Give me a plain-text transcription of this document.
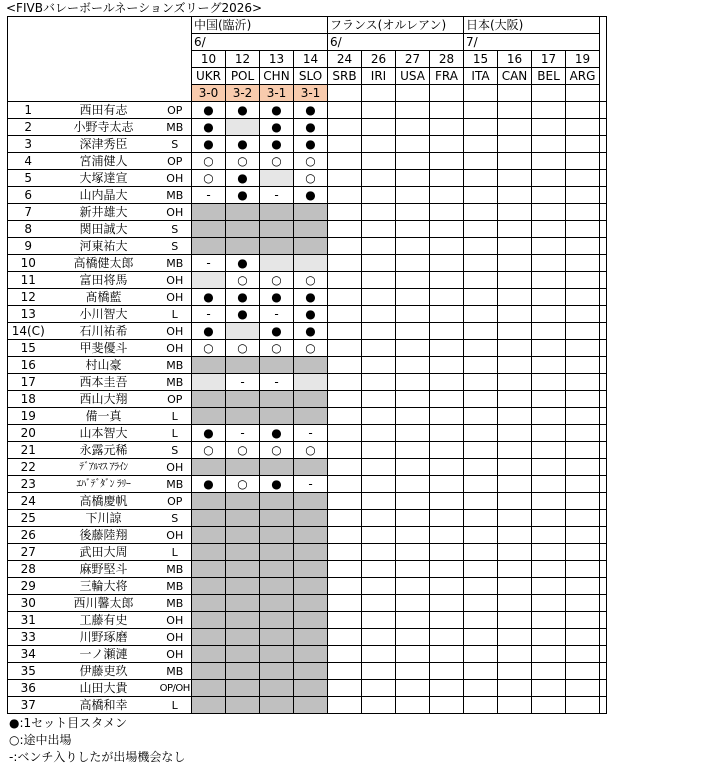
<FIVBバレーボールネーションズリーグ2026>
			中国(臨沂)				フランス(オルレアン)				日本(大阪)				
			6/				6/				7/				
			10	12	13	14	24	26	27	28	15	16	17	19	
			UKR	POL	CHN	SLO	SRB	IRI	USA	FRA	ITA	CAN	BEL	ARG	
			3-0	3-2	3-1	3-1									
1	西田有志	OP	●	●	●	●									
2	小野寺太志	MB	●		●	●									
3	深津秀臣	S	●	●	●	●									
4	宮浦健人	OP	○	○	○	○									
5	大塚達宣	OH	○	●		○									
6	山内晶大	MB	-	●	-	●									
7	新井雄大	OH													
8	関田誠大	S													
9	河東祐大	S													
10	高橋健太郎	MB	-	●											
11	富田将馬	OH		○	○	○									
12	髙橋藍	OH	●	●	●	●									
13	小川智大	L	-	●	-	●									
14(C)	石川祐希	OH	●		●	●									
15	甲斐優斗	OH	○	○	○	○									
16	村山豪	MB													
17	西本圭吾	MB		-	-										
18	西山大翔	OP													
19	備一真	L													
20	山本智大	L	●	-	●	-									
21	永露元稀	S	○	○	○	○									
22	ﾃﾞｱﾙﾏｽ ｱﾗｲﾝ	OH													
23	ｴﾊﾞﾃﾞﾀﾞﾝ ﾗﾘｰ	MB	●	○	●	-									
24	高橋慶帆	OP													
25	下川諒	S													
26	後藤陸翔	OH													
27	武田大周	L													
28	麻野堅斗	MB													
29	三輪大将	MB													
30	西川馨太郎	MB													
31	工藤有史	OH													
33	川野琢磨	OH													
34	一ノ瀬漣	OH													
35	伊藤吏玖	MB													
36	山田大貴	OP/OH													
37	高橋和幸	L													
●:1セット目スタメン
○:途中出場
-:ベンチ入りしたが出場機会なし
